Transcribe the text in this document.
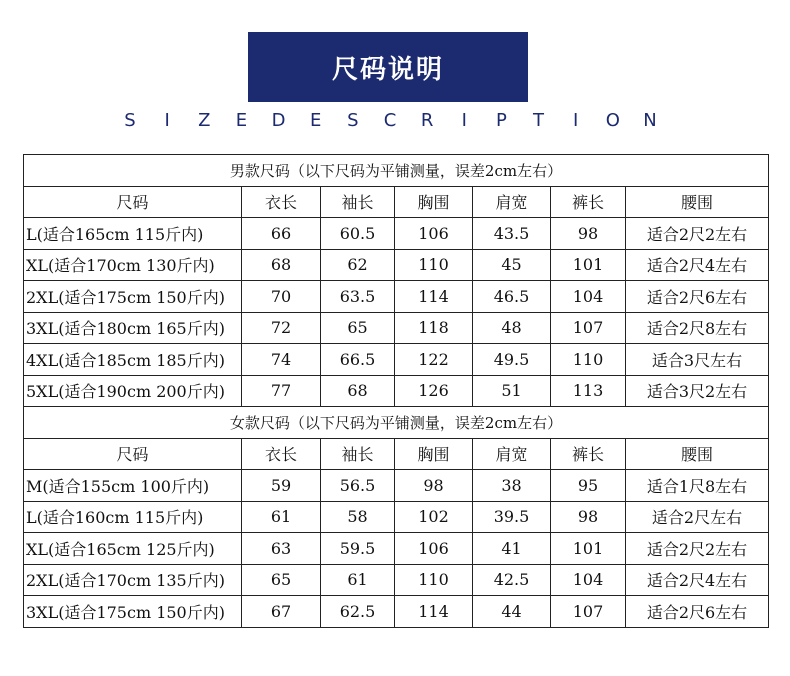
尺码说明
S	I	Z E D E S C R	I	P T	I	O N
男款尺码（以下尺码为平铺测量，误差2cm左右）						
尺码	衣长	袖长	胸围	肩宽	裤长	腰围
L(适合165cm 115斤内)	66	60.5	106	43.5	98	适合2尺2左右
XL(适合170cm 130斤内)	68	62	110	45	101	适合2尺4左右
2XL(适合175cm 150斤内)	70	63.5	114	46.5	104	适合2尺6左右
3XL(适合180cm 165斤内)	72	65	118	48	107	适合2尺8左右
4XL(适合185cm 185斤内)	74	66.5	122	49.5	110	适合3尺左右
5XL(适合190cm 200斤内)	77	68	126	51	113	适合3尺2左右
女款尺码（以下尺码为平铺测量，误差2cm左右）						
尺码	衣长	袖长	胸围	肩宽	裤长	腰围
M(适合155cm 100斤内)	59	56.5	98	38	95	适合1尺8左右
L(适合160cm 115斤内)	61	58	102	39.5	98	适合2尺左右
XL(适合165cm 125斤内)	63	59.5	106	41	101	适合2尺2左右
2XL(适合170cm 135斤内)	65	61	110	42.5	104	适合2尺4左右
3XL(适合175cm 150斤内)	67	62.5	114	44	107	适合2尺6左右
